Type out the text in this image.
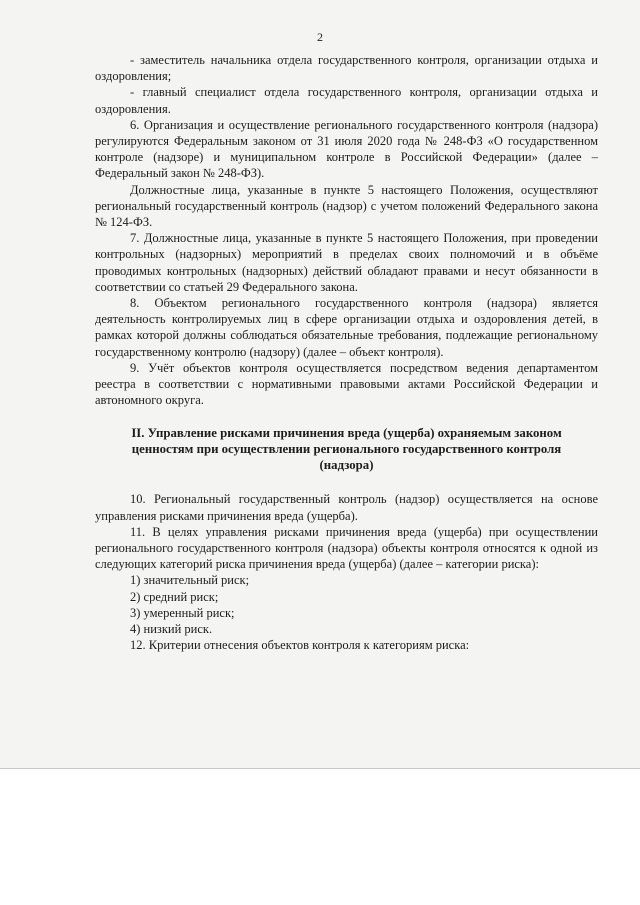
2

- заместитель начальника отдела государственного контроля, организации отдыха и оздоровления;

- главный специалист отдела государственного контроля, организации отдыха и оздоровления.

6. Организация и осуществление регионального государственного контроля (надзора) регулируются Федеральным законом от 31 июля 2020 года № 248-ФЗ «О государственном контроле (надзоре) и муниципальном контроле в Российской Федерации» (далее – Федеральный закон № 248-ФЗ).

Должностные лица, указанные в пункте 5 настоящего Положения, осуществляют региональный государственный контроль (надзор) с учетом положений Федерального закона № 124-ФЗ.

7. Должностные лица, указанные в пункте 5 настоящего Положения, при проведении контрольных (надзорных) мероприятий в пределах своих полномочий и в объёме проводимых контрольных (надзорных) действий обладают правами и несут обязанности в соответствии со статьей 29 Федерального закона.

8. Объектом регионального государственного контроля (надзора) является деятельность контролируемых лиц в сфере организации отдыха и оздоровления детей, в рамках которой должны соблюдаться обязательные требования, подлежащие региональному государственному контролю (надзору) (далее – объект контроля).

9. Учёт объектов контроля осуществляется посредством ведения департаментом реестра в соответствии с нормативными правовыми актами Российской Федерации и автономного округа.

II. Управление рисками причинения вреда (ущерба) охраняемым законом ценностям при осуществлении регионального государственного контроля (надзора)

10. Региональный государственный контроль (надзор) осуществляется на основе управления рисками причинения вреда (ущерба).

11. В целях управления рисками причинения вреда (ущерба) при осуществлении регионального государственного контроля (надзора) объекты контроля относятся к одной из следующих категорий риска причинения вреда (ущерба) (далее – категории риска):

1) значительный риск;

2) средний риск;

3) умеренный риск;

4) низкий риск.

12. Критерии отнесения объектов контроля к категориям риска:
